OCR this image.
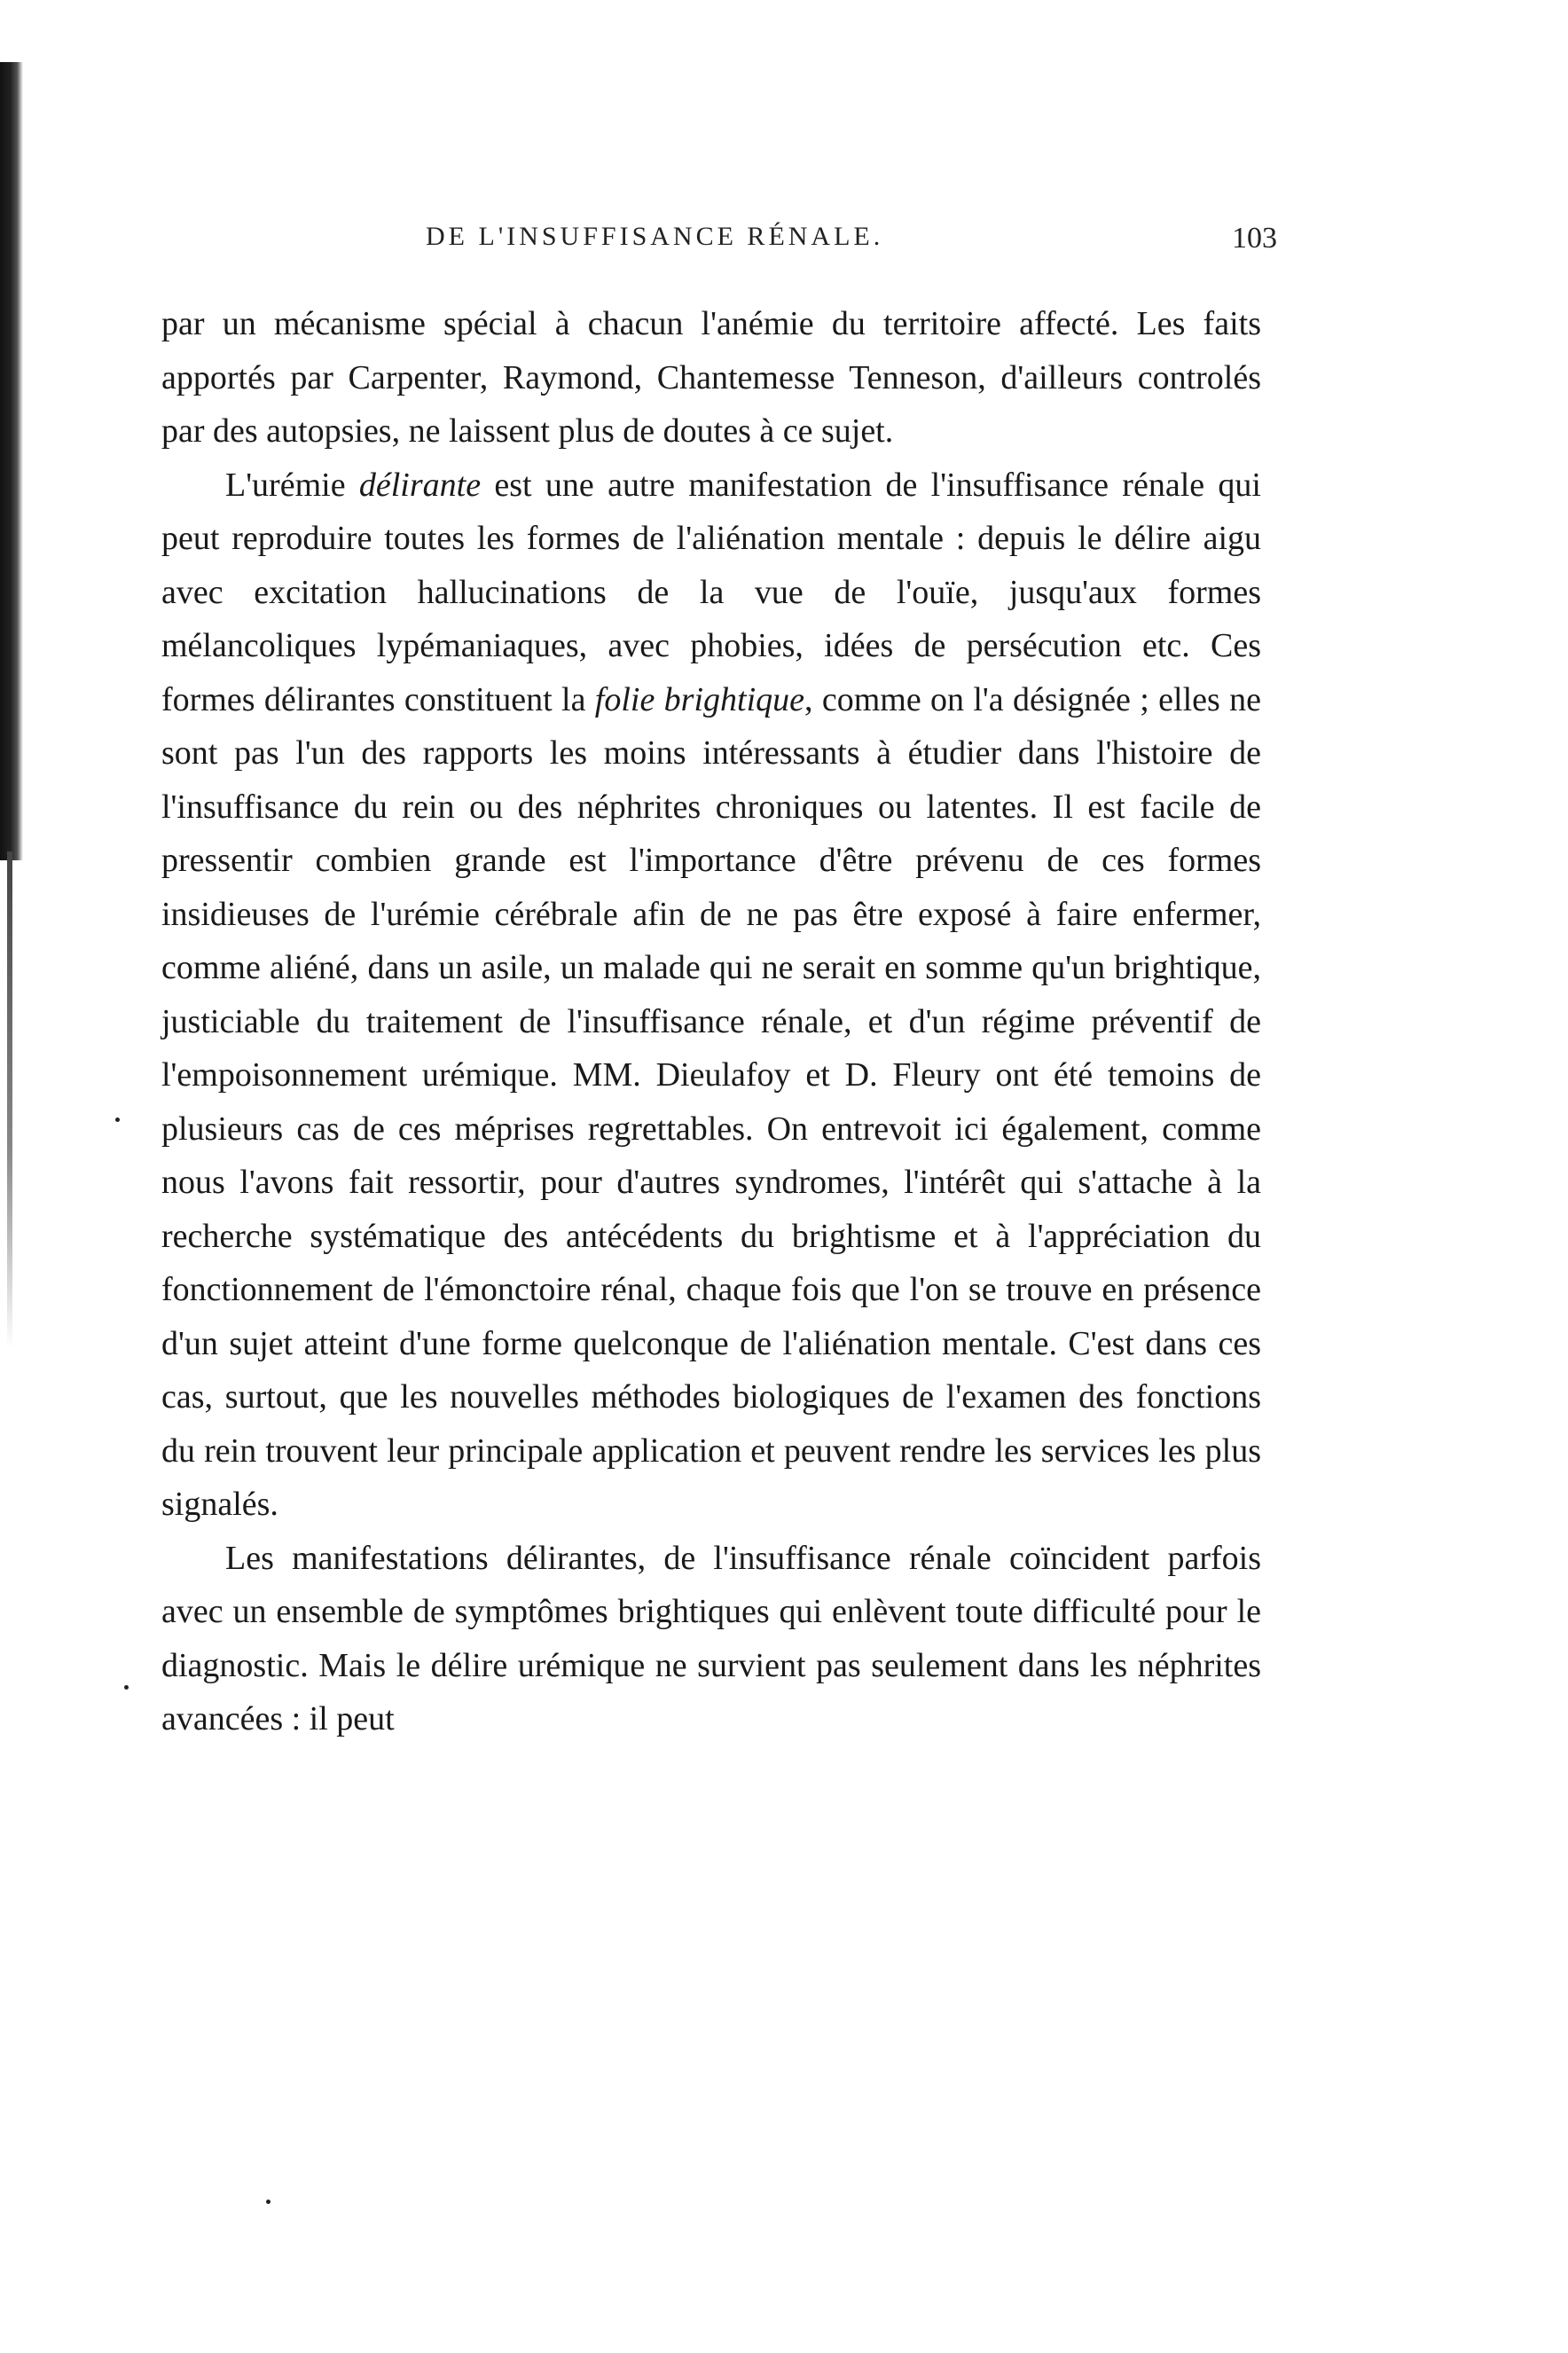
DE L'INSUFFISANCE RÉNALE.	103

par un mécanisme spécial à chacun l'anémie du territoire affecté. Les faits apportés par Carpenter, Raymond, Chantemesse Tenneson, d'ailleurs controlés par des autopsies, ne laissent plus de doutes à ce sujet.

L'urémie délirante est une autre manifestation de l'insuffisance rénale qui peut reproduire toutes les formes de l'aliénation mentale : depuis le délire aigu avec excitation hallucinations de la vue de l'ouïe, jusqu'aux formes mélancoliques lypémaniaques, avec phobies, idées de persécution etc. Ces formes délirantes constituent la folie brightique, comme on l'a désignée ; elles ne sont pas l'un des rapports les moins intéressants à étudier dans l'histoire de l'insuffisance du rein ou des néphrites chroniques ou latentes. Il est facile de pressentir combien grande est l'importance d'être prévenu de ces formes insidieuses de l'urémie cérébrale afin de ne pas être exposé à faire enfermer, comme aliéné, dans un asile, un malade qui ne serait en somme qu'un brightique, justiciable du traitement de l'insuffisance rénale, et d'un régime préventif de l'empoisonnement urémique. MM. Dieulafoy et D. Fleury ont été temoins de plusieurs cas de ces méprises regrettables. On entrevoit ici également, comme nous l'avons fait ressortir, pour d'autres syndromes, l'intérêt qui s'attache à la recherche systématique des antécédents du brightisme et à l'appréciation du fonctionnement de l'émonctoire rénal, chaque fois que l'on se trouve en présence d'un sujet atteint d'une forme quelconque de l'aliénation mentale. C'est dans ces cas, surtout, que les nouvelles méthodes biologiques de l'examen des fonctions du rein trouvent leur principale application et peuvent rendre les services les plus signalés.

Les manifestations délirantes, de l'insuffisance rénale coïncident parfois avec un ensemble de symptômes brightiques qui enlèvent toute difficulté pour le diagnostic. Mais le délire urémique ne survient pas seulement dans les néphrites avancées : il peut
